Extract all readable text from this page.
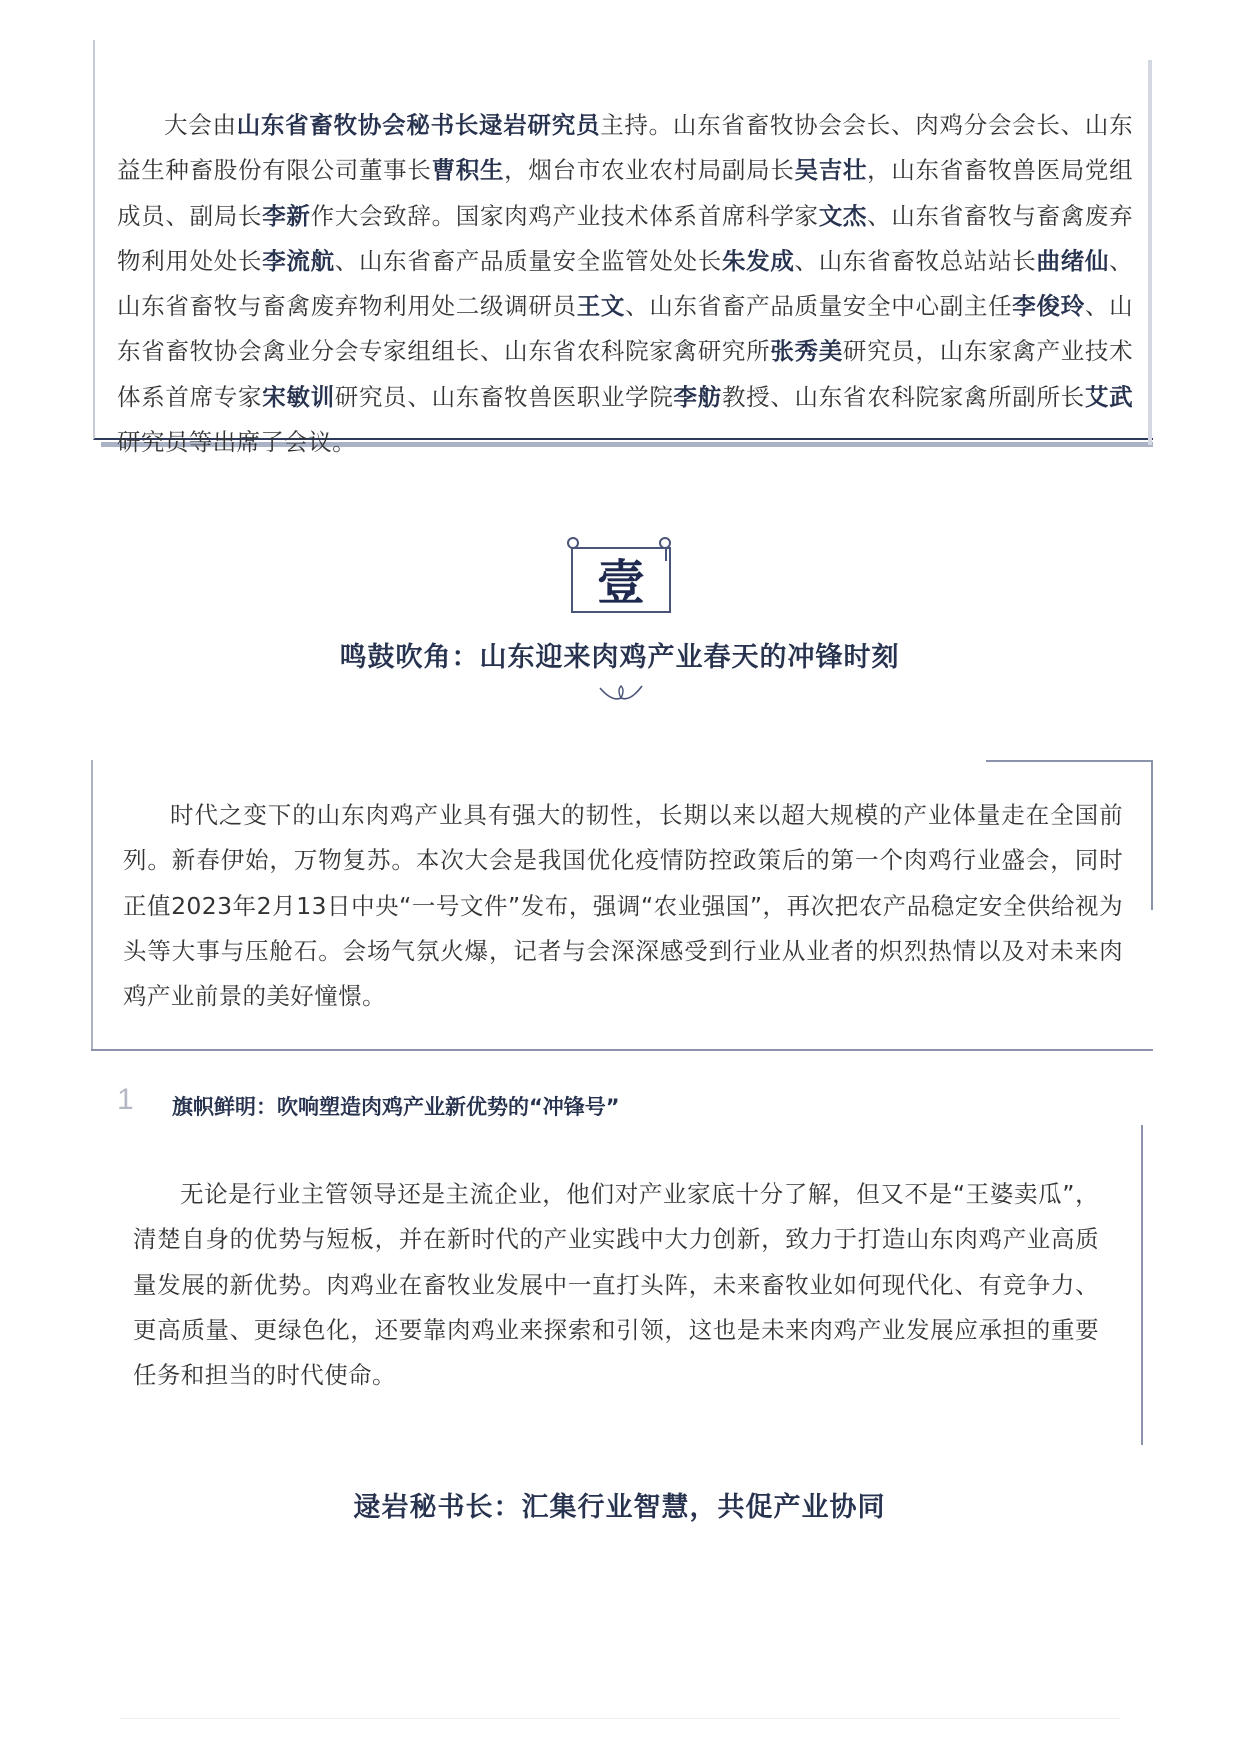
大会由山东省畜牧协会秘书长逯岩研究员主持。山东省畜牧协会会长、肉鸡分会会长、山东益生种畜股份有限公司董事长曹积生，烟台市农业农村局副局长吴吉壮，山东省畜牧兽医局党组成员、副局长李新作大会致辞。国家肉鸡产业技术体系首席科学家文杰、山东省畜牧与畜禽废弃物利用处处长李流航、山东省畜产品质量安全监管处处长朱发成、山东省畜牧总站站长曲绪仙、山东省畜牧与畜禽废弃物利用处二级调研员王文、山东省畜产品质量安全中心副主任李俊玲、山东省畜牧协会禽业分会专家组组长、山东省农科院家禽研究所张秀美研究员，山东家禽产业技术体系首席专家宋敏训研究员、山东畜牧兽医职业学院李舫教授、山东省农科院家禽所副所长艾武研究员等出席了会议。

壹
鸣鼓吹角：山东迎来肉鸡产业春天的冲锋时刻

时代之变下的山东肉鸡产业具有强大的韧性，长期以来以超大规模的产业体量走在全国前列。新春伊始，万物复苏。本次大会是我国优化疫情防控政策后的第一个肉鸡行业盛会，同时正值2023年2月13日中央“一号文件”发布，强调“农业强国”，再次把农产品稳定安全供给视为头等大事与压舱石。会场气氛火爆，记者与会深深感受到行业从业者的炽烈热情以及对未来肉鸡产业前景的美好憧憬。

1 旗帜鲜明：吹响塑造肉鸡产业新优势的“冲锋号”

无论是行业主管领导还是主流企业，他们对产业家底十分了解，但又不是“王婆卖瓜”，清楚自身的优势与短板，并在新时代的产业实践中大力创新，致力于打造山东肉鸡产业高质量发展的新优势。肉鸡业在畜牧业发展中一直打头阵，未来畜牧业如何现代化、有竞争力、更高质量、更绿色化，还要靠肉鸡业来探索和引领，这也是未来肉鸡产业发展应承担的重要任务和担当的时代使命。

逯岩秘书长：汇集行业智慧，共促产业协同
